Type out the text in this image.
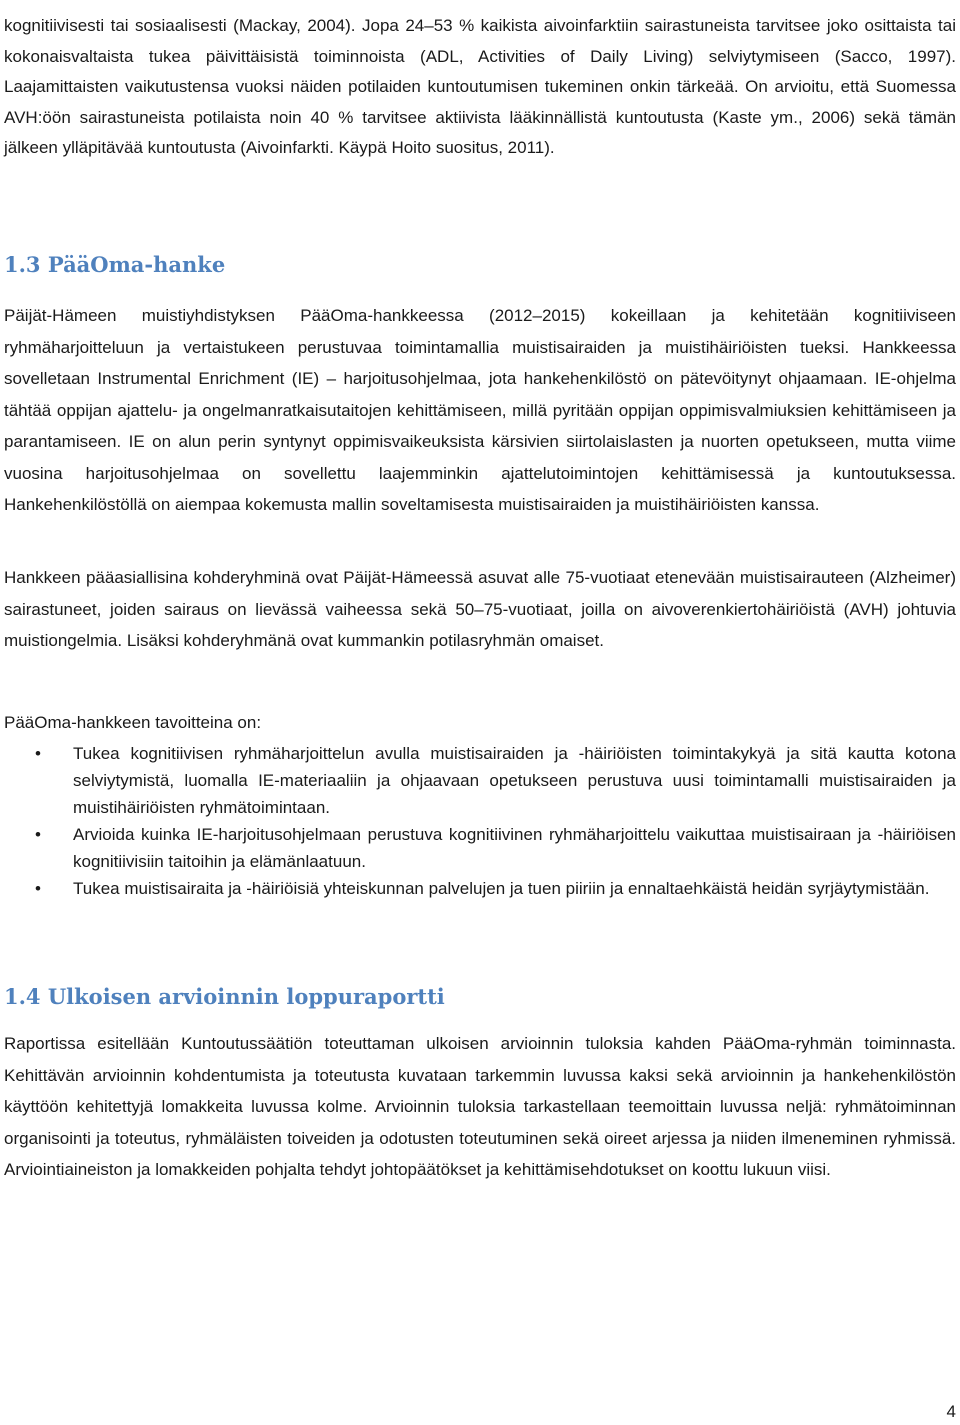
kognitiivisesti tai sosiaalisesti (Mackay, 2004). Jopa 24–53 % kaikista aivoinfarktiin sairastuneista tarvitsee joko osittaista tai kokonaisvaltaista tukea päivittäisistä toiminnoista (ADL, Activities of Daily Living) selviytymiseen (Sacco, 1997). Laajamittaisten vaikutustensa vuoksi näiden potilaiden kuntoutumisen tukeminen onkin tärkeää. On arvioitu, että Suomessa AVH:öön sairastuneista potilaista noin 40 % tarvitsee aktiivista lääkinnällistä kuntoutusta (Kaste ym., 2006) sekä tämän jälkeen ylläpitävää kuntoutusta (Aivoinfarkti. Käypä Hoito suositus, 2011).

1.3 PääOma-hanke

Päijät-Hämeen muistiyhdistyksen PääOma-hankkeessa (2012–2015) kokeillaan ja kehitetään kognitiiviseen ryhmäharjoitteluun ja vertaistukeen perustuvaa toimintamallia muistisairaiden ja muistihäiriöisten tueksi. Hankkeessa sovelletaan Instrumental Enrichment (IE) – harjoitusohjelmaa, jota hankehenkilöstö on pätevöitynyt ohjaamaan. IE-ohjelma tähtää oppijan ajattelu- ja ongelmanratkaisutaitojen kehittämiseen, millä pyritään oppijan oppimisvalmiuksien kehittämiseen ja parantamiseen. IE on alun perin syntynyt oppimisvaikeuksista kärsivien siirtolaislasten ja nuorten opetukseen, mutta viime vuosina harjoitusohjelmaa on sovellettu laajemminkin ajattelutoimintojen kehittämisessä ja kuntoutuksessa. Hankehenkilöstöllä on aiempaa kokemusta mallin soveltamisesta muistisairaiden ja muistihäiriöisten kanssa.

Hankkeen pääasiallisina kohderyhminä ovat Päijät-Hämeessä asuvat alle 75-vuotiaat etenevään muistisairauteen (Alzheimer) sairastuneet, joiden sairaus on lievässä vaiheessa sekä 50–75-vuotiaat, joilla on aivoverenkiertohäiriöistä (AVH) johtuvia muistiongelmia. Lisäksi kohderyhmänä ovat kummankin potilasryhmän omaiset.

PääOma-hankkeen tavoitteina on:

• Tukea kognitiivisen ryhmäharjoittelun avulla muistisairaiden ja -häiriöisten toimintakykyä ja sitä kautta kotona selviytymistä, luomalla IE-materiaaliin ja ohjaavaan opetukseen perustuva uusi toimintamalli muistisairaiden ja muistihäiriöisten ryhmätoimintaan.
• Arvioida kuinka IE-harjoitusohjelmaan perustuva kognitiivinen ryhmäharjoittelu vaikuttaa muistisairaan ja -häiriöisen kognitiivisiin taitoihin ja elämänlaatuun.
• Tukea muistisairaita ja -häiriöisiä yhteiskunnan palvelujen ja tuen piiriin ja ennaltaehkäistä heidän syrjäytymistään.
1.4 Ulkoisen arvioinnin loppuraportti

Raportissa esitellään Kuntoutussäätiön toteuttaman ulkoisen arvioinnin tuloksia kahden PääOma-ryhmän toiminnasta. Kehittävän arvioinnin kohdentumista ja toteutusta kuvataan tarkemmin luvussa kaksi sekä arvioinnin ja hankehenkilöstön käyttöön kehitettyjä lomakkeita luvussa kolme. Arvioinnin tuloksia tarkastellaan teemoittain luvussa neljä: ryhmätoiminnan organisointi ja toteutus, ryhmäläisten toiveiden ja odotusten toteutuminen sekä oireet arjessa ja niiden ilmeneminen ryhmissä. Arviointiaineiston ja lomakkeiden pohjalta tehdyt johtopäätökset ja kehittämisehdotukset on koottu lukuun viisi.

4
